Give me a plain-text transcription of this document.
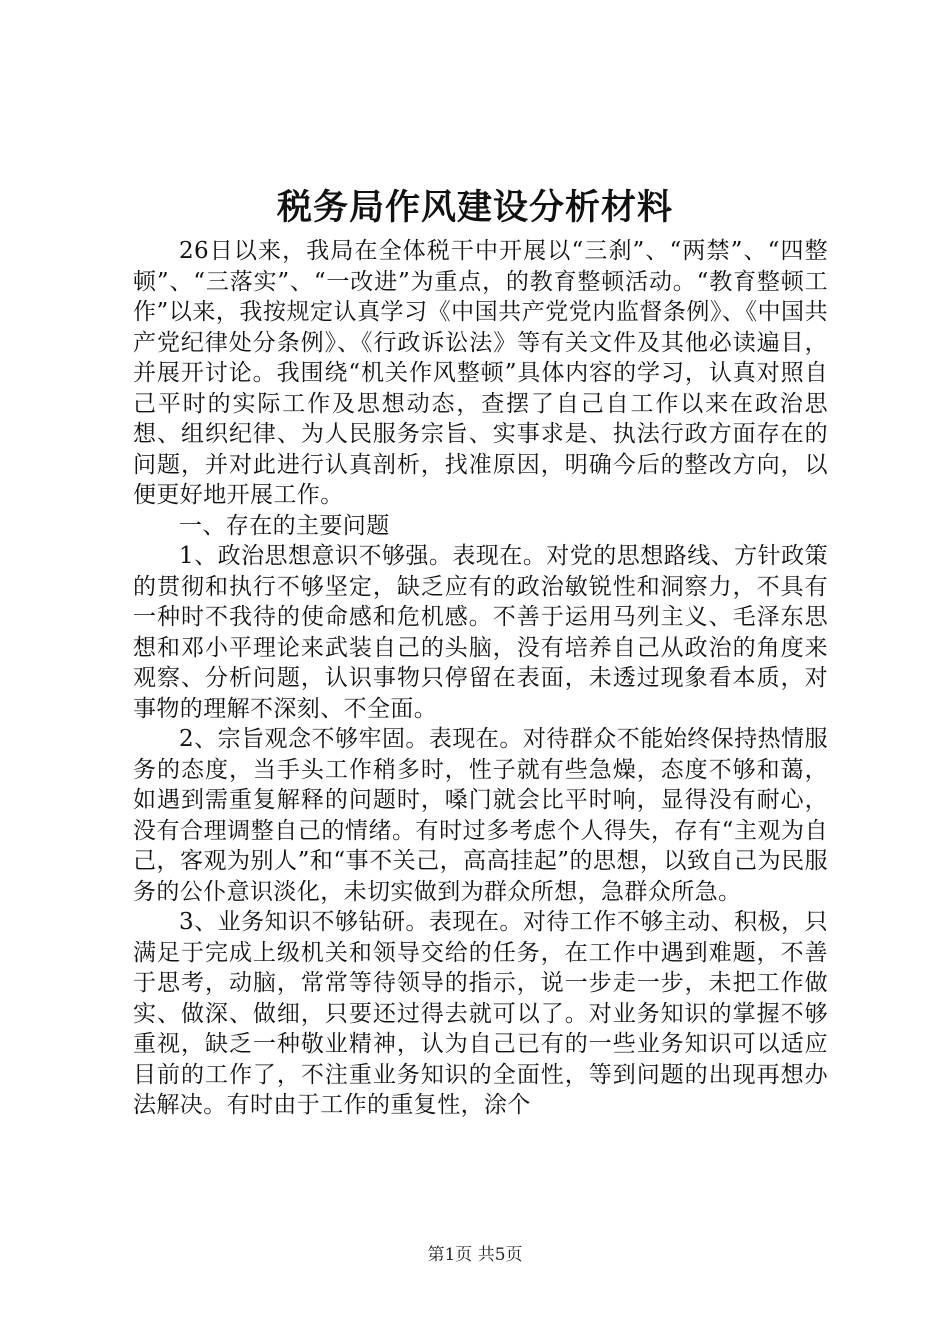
税务局作风建设分析材料

26日以来，我局在全体税干中开展以“三刹”、“两禁”、“四整顿”、“三落实”、“一改进”为重点，的教育整顿活动。“教育整顿工作”以来，我按规定认真学习《中国共产党党内监督条例》、《中国共产党纪律处分条例》、《行政诉讼法》等有关文件及其他必读遍目，并展开讨论。我围绕“机关作风整顿”具体内容的学习，认真对照自己平时的实际工作及思想动态，查摆了自己自工作以来在政治思想、组织纪律、为人民服务宗旨、实事求是、执法行政方面存在的问题，并对此进行认真剖析，找准原因，明确今后的整改方向，以便更好地开展工作。

一、存在的主要问题

1、政治思想意识不够强。表现在。对党的思想路线、方针政策的贯彻和执行不够坚定，缺乏应有的政治敏锐性和洞察力，不具有一种时不我待的使命感和危机感。不善于运用马列主义、毛泽东思想和邓小平理论来武装自己的头脑，没有培养自己从政治的角度来观察、分析问题，认识事物只停留在表面，未透过现象看本质，对事物的理解不深刻、不全面。

2、宗旨观念不够牢固。表现在。对待群众不能始终保持热情服务的态度，当手头工作稍多时，性子就有些急燥，态度不够和蔼，如遇到需重复解释的问题时，嗓门就会比平时响，显得没有耐心，没有合理调整自己的情绪。有时过多考虑个人得失，存有“主观为自己，客观为别人”和“事不关己，高高挂起”的思想，以致自己为民服务的公仆意识淡化，未切实做到为群众所想，急群众所急。

3、业务知识不够钻研。表现在。对待工作不够主动、积极，只满足于完成上级机关和领导交给的任务，在工作中遇到难题，不善于思考，动脑，常常等待领导的指示，说一步走一步，未把工作做实、做深、做细，只要还过得去就可以了。对业务知识的掌握不够重视，缺乏一种敬业精神，认为自己已有的一些业务知识可以适应目前的工作了，不注重业务知识的全面性，等到问题的出现再想办法解决。有时由于工作的重复性，涂个

第1页 共5页
